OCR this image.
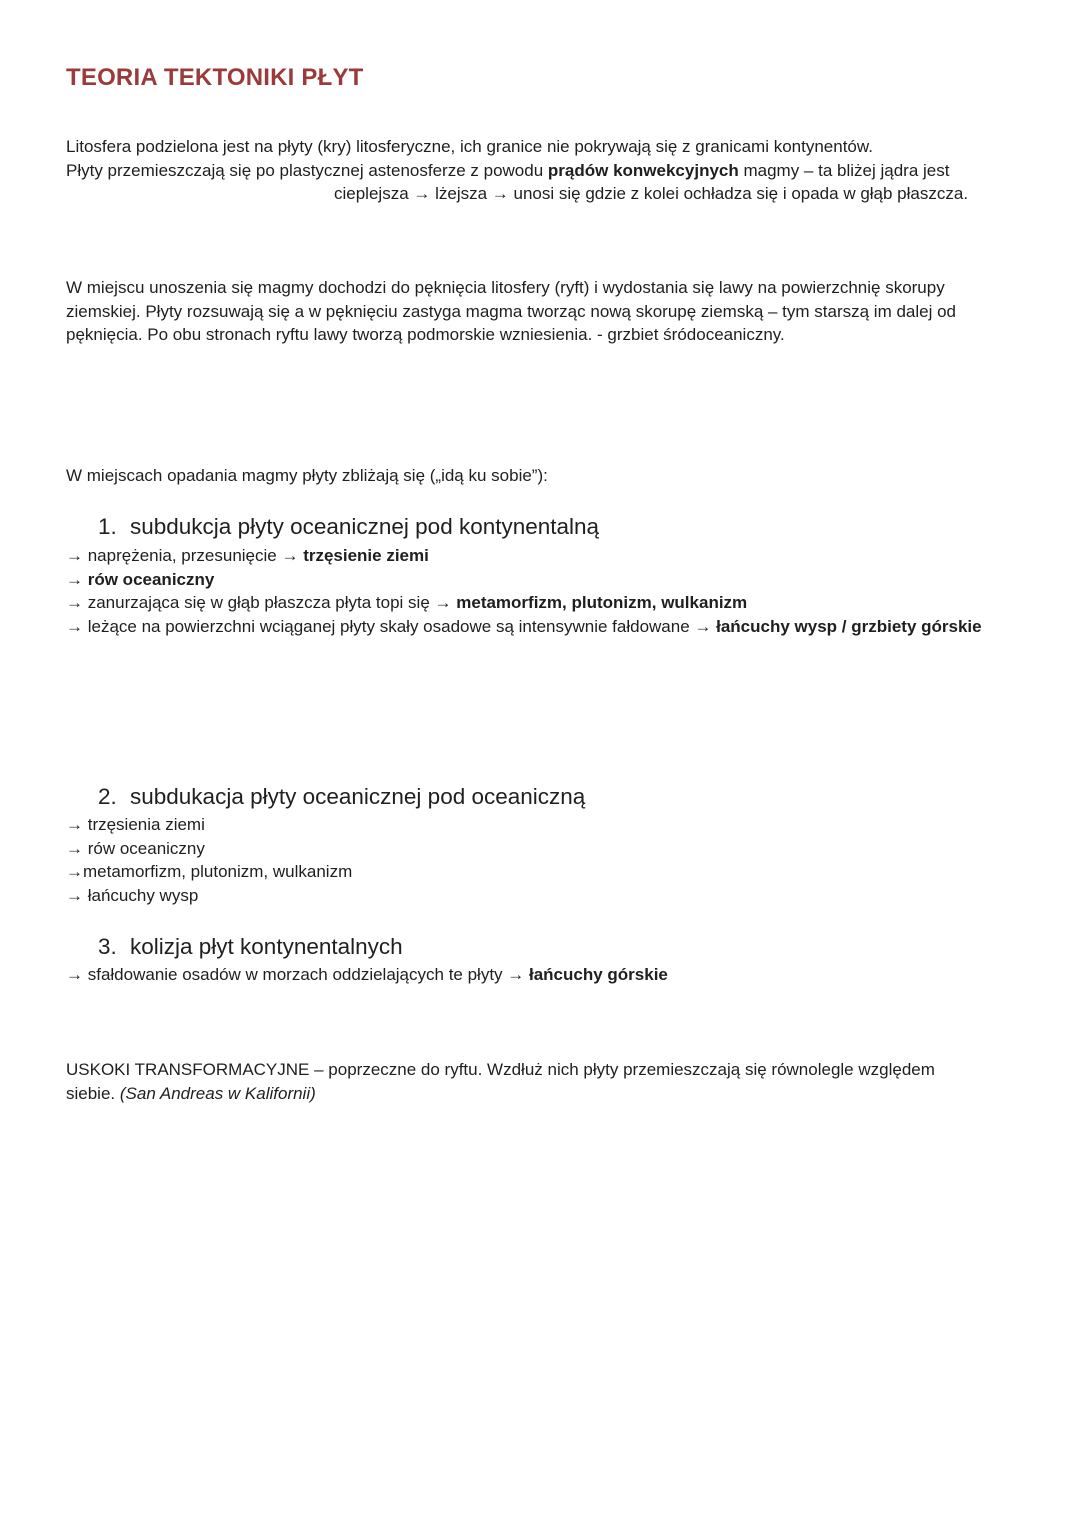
TEORIA TEKTONIKI PŁYT

Litosfera podzielona jest na płyty (kry) litosferyczne, ich granice nie pokrywają się z granicami kontynentów.

Płyty przemieszczają się po plastycznej astenosferze z powodu prądów konwekcyjnych magmy – ta bliżej jądra jest

cieplejsza → lżejsza → unosi się gdzie z kolei ochładza się i opada w głąb płaszcza.

W miejscu unoszenia się magmy dochodzi do pęknięcia litosfery (ryft) i wydostania się lawy na powierzchnię skorupy ziemskiej. Płyty rozsuwają się a w pęknięciu zastyga magma tworząc nową skorupę ziemską – tym starszą im dalej od pęknięcia. Po obu stronach ryftu lawy tworzą podmorskie wzniesienia. - grzbiet śródoceaniczny.

W miejscach opadania magmy płyty zbliżają się („idą ku sobie”):

1. subdukcja płyty oceanicznej pod kontynentalną
→ naprężenia, przesunięcie → trzęsienie ziemi
→ rów oceaniczny
→ zanurzająca się w głąb płaszcza płyta topi się → metamorfizm, plutonizm, wulkanizm
→ leżące na powierzchni wciąganej płyty skały osadowe są intensywnie fałdowane → łańcuchy wysp / grzbiety górskie
2. subdukacja płyty oceanicznej pod oceaniczną
→ trzęsienia ziemi
→ rów oceaniczny
→metamorfizm, plutonizm, wulkanizm
→ łańcuchy wysp
3. kolizja płyt kontynentalnych
→ sfałdowanie osadów w morzach oddzielających te płyty → łańcuchy górskie

USKOKI TRANSFORMACYJNE – poprzeczne do ryftu. Wzdłuż nich płyty przemieszczają się równolegle względem siebie. (San Andreas w Kalifornii)
